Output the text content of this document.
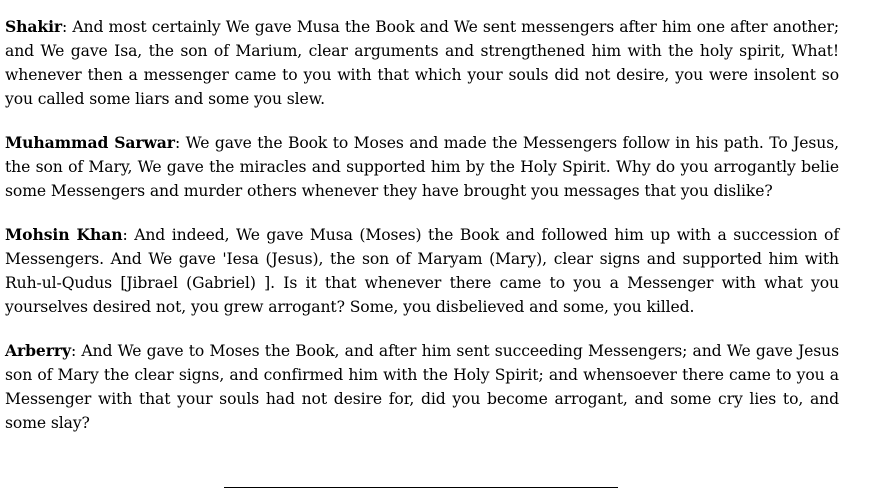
Shakir: And most certainly We gave Musa the Book and We sent messengers after him one after another; and We gave Isa, the son of Marium, clear arguments and strengthened him with the holy spirit, What! whenever then a messenger came to you with that which your souls did not desire, you were insolent so you called some liars and some you slew.

Muhammad Sarwar: We gave the Book to Moses and made the Messengers follow in his path. To Jesus, the son of Mary, We gave the miracles and supported him by the Holy Spirit. Why do you arrogantly belie some Messengers and murder others whenever they have brought you messages that you dislike?

Mohsin Khan: And indeed, We gave Musa (Moses) the Book and followed him up with a succession of Messengers. And We gave 'Iesa (Jesus), the son of Maryam (Mary), clear signs and supported him with Ruh-ul-Qudus [Jibrael (Gabriel) ]. Is it that whenever there came to you a Messenger with what you yourselves desired not, you grew arrogant? Some, you disbelieved and some, you killed.

Arberry: And We gave to Moses the Book, and after him sent succeeding Messengers; and We gave Jesus son of Mary the clear signs, and confirmed him with the Holy Spirit; and whensoever there came to you a Messenger with that your souls had not desire for, did you become arrogant, and some cry lies to, and some slay?
